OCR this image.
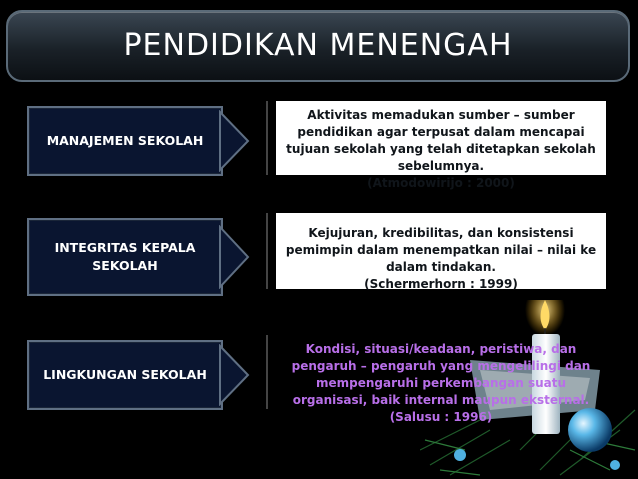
PENDIDIKAN MENENGAH
MANAJEMEN SEKOLAH
Aktivitas memadukan sumber – sumber pendidikan agar terpusat dalam mencapai tujuan sekolah yang telah ditetapkan sekolah sebelumnya.
(Atmodowirijo : 2000)
INTEGRITAS KEPALA SEKOLAH
Kejujuran, kredibilitas, dan konsistensi pemimpin dalam menempatkan nilai – nilai ke dalam tindakan.
(Schermerhorn : 1999)
LINGKUNGAN SEKOLAH
Kondisi, situasi/keadaan, peristiwa, dan pengaruh – pengaruh yang mengelilingi dan mempengaruhi perkembangan suatu organisasi, baik internal maupun eksternal.
(Salusu : 1996)
